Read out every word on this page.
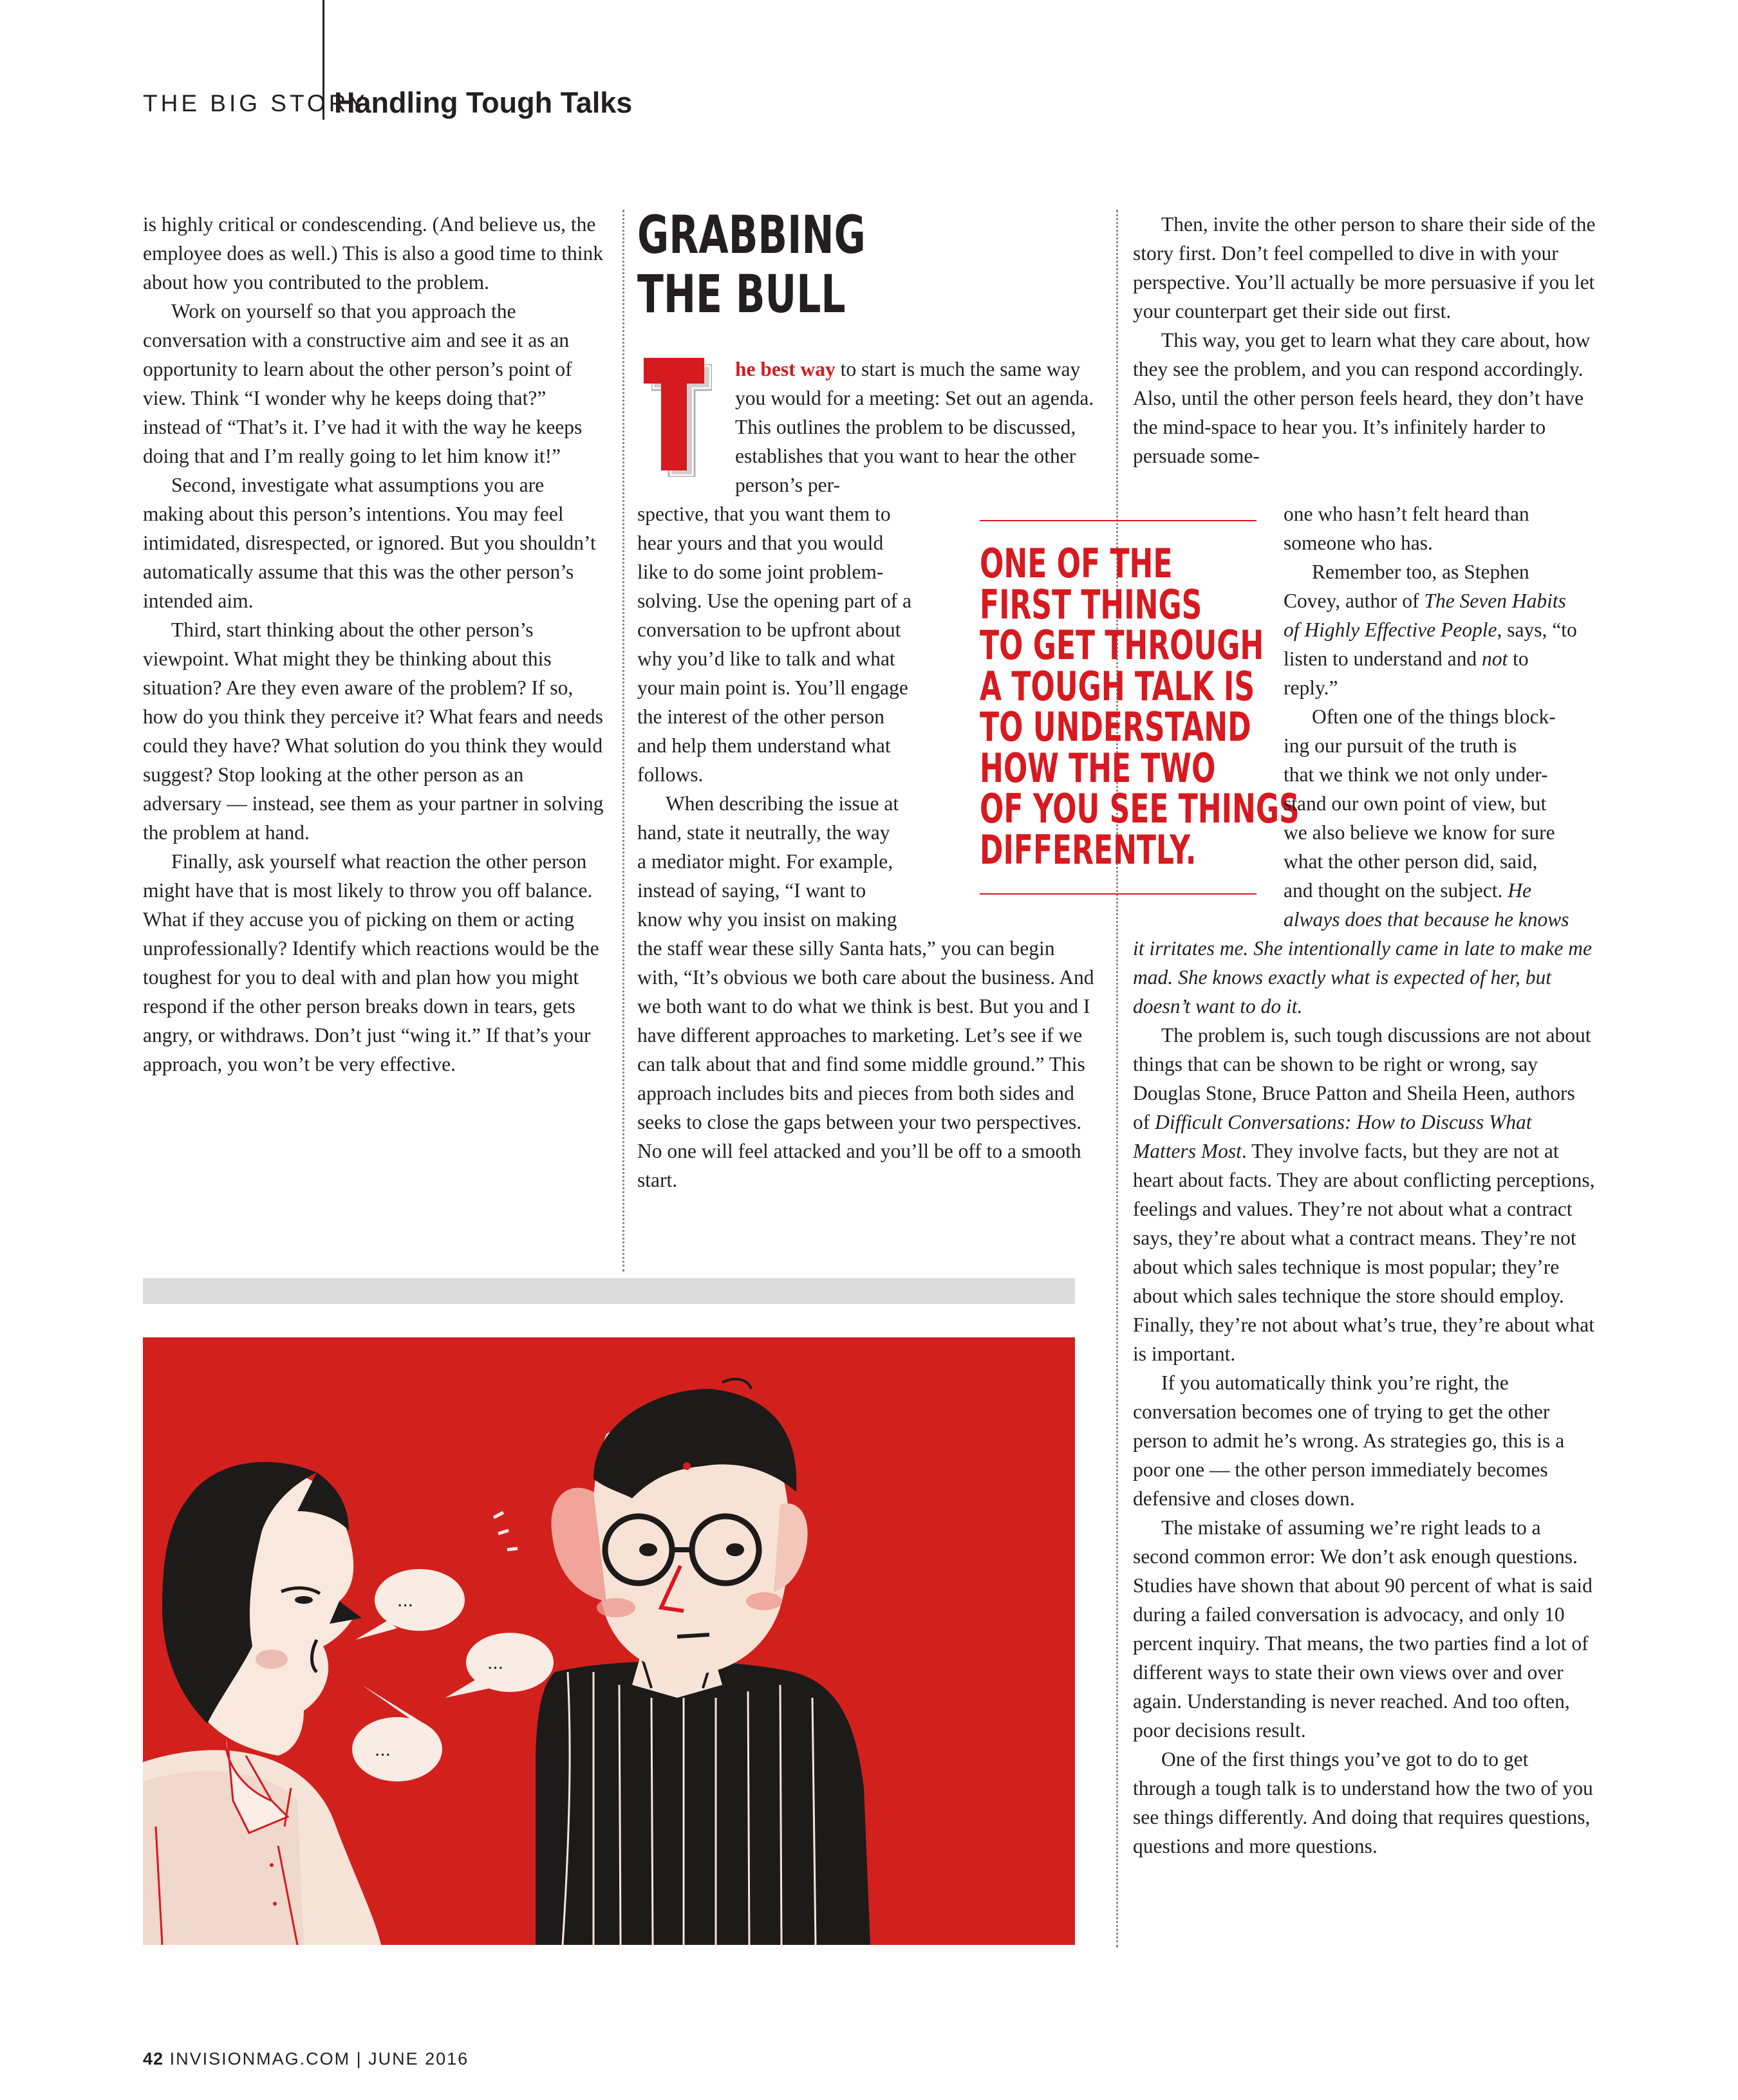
THE BIG STORY
Handling Tough Talks

is highly critical or condescending. (And believe us, the employee does as well.) This is also a good time to think about how you contributed to the problem.

Work on yourself so that you approach the conversation with a constructive aim and see it as an opportunity to learn about the other person’s point of view. Think “I wonder why he keeps doing that?” instead of “That’s it. I’ve had it with the way he keeps doing that and I’m really going to let him know it!”

Second, investigate what assumptions you are making about this person’s intentions. You may feel intimidated, disrespected, or ignored. But you shouldn’t automatically assume that this was the other person’s intended aim.

Third, start thinking about the other person’s viewpoint. What might they be thinking about this situation? Are they even aware of the problem? If so, how do you think they perceive it? What fears and needs could they have? What solution do you think they would suggest? Stop looking at the other person as an adversary — instead, see them as your partner in solving the problem at hand.

Finally, ask yourself what reaction the other person might have that is most likely to throw you off balance. What if they accuse you of picking on them or acting unprofessionally? Identify which reactions would be the toughest for you to deal with and plan how you might respond if the other person breaks down in tears, gets angry, or withdraws. Don’t just “wing it.” If that’s your approach, you won’t be very effective.

GRABBING
THE BULL
he best way to start is much the same way you would for a meeting: Set out an agenda. This outlines the problem to be discussed, establishes that you want to hear the other person’s per-
spective, that you want them to
hear yours and that you would
like to do some joint problem-
solving. Use the opening part of a
conversation to be upfront about
why you’d like to talk and what
your main point is. You’ll engage
the interest of the other person
and help them understand what
follows.
When describing the issue at
hand, state it neutrally, the way
a mediator might. For example,
instead of saying, “I want to
know why you insist on making

the staff wear these silly Santa hats,” you can begin with, “It’s obvious we both care about the business. And we both want to do what we think is best. But you and I have different approaches to marketing. Let’s see if we can talk about that and find some middle ground.” This approach includes bits and pieces from both sides and seeks to close the gaps between your two perspectives. No one will feel attacked and you’ll be off to a smooth start.

ONE OF THE
FIRST THINGS
TO GET THROUGH
A TOUGH TALK IS
TO UNDERSTAND
HOW THE TWO
OF YOU SEE THINGS
DIFFERENTLY.

Then, invite the other person to share their side of the story first. Don’t feel compelled to dive in with your perspective. You’ll actually be more persuasive if you let your counterpart get their side out first.

This way, you get to learn what they care about, how they see the problem, and you can respond accordingly. Also, until the other person feels heard, they don’t have the mind-space to hear you. It’s infinitely harder to persuade some-

one who hasn’t felt heard than
someone who has.
Remember too, as Stephen
Covey, author of The Seven Habits
of Highly Effective People, says, “to
listen to understand and not to
reply.”
Often one of the things block-
ing our pursuit of the truth is
that we think we not only under-
stand our own point of view, but
we also believe we know for sure
what the other person did, said,
and thought on the subject. He
always does that because he knows

it irritates me. She intentionally came in late to make me mad. She knows exactly what is expected of her, but doesn’t want to do it.

The problem is, such tough discussions are not about things that can be shown to be right or wrong, say Douglas Stone, Bruce Patton and Sheila Heen, authors of Difficult Conversations: How to Discuss What Matters Most. They involve facts, but they are not at heart about facts. They are about conflicting perceptions, feelings and values. They’re not about what a contract says, they’re about what a contract means. They’re not about which sales technique is most popular; they’re about which sales technique the store should employ. Finally, they’re not about what’s true, they’re about what is important.

If you automatically think you’re right, the conversation becomes one of trying to get the other person to admit he’s wrong. As strategies go, this is a poor one — the other person immediately becomes defensive and closes down.

The mistake of assuming we’re right leads to a second common error: We don’t ask enough questions. Studies have shown that about 90 percent of what is said during a failed conversation is advocacy, and only 10 percent inquiry. That means, the two parties find a lot of different ways to state their own views over and over again. Understanding is never reached. And too often, poor decisions result.

One of the first things you’ve got to do to get through a tough talk is to understand how the two of you see things differently. And doing that requires questions, questions and more questions.

...
...
...
42 INVISIONMAG.COM | JUNE 2016
